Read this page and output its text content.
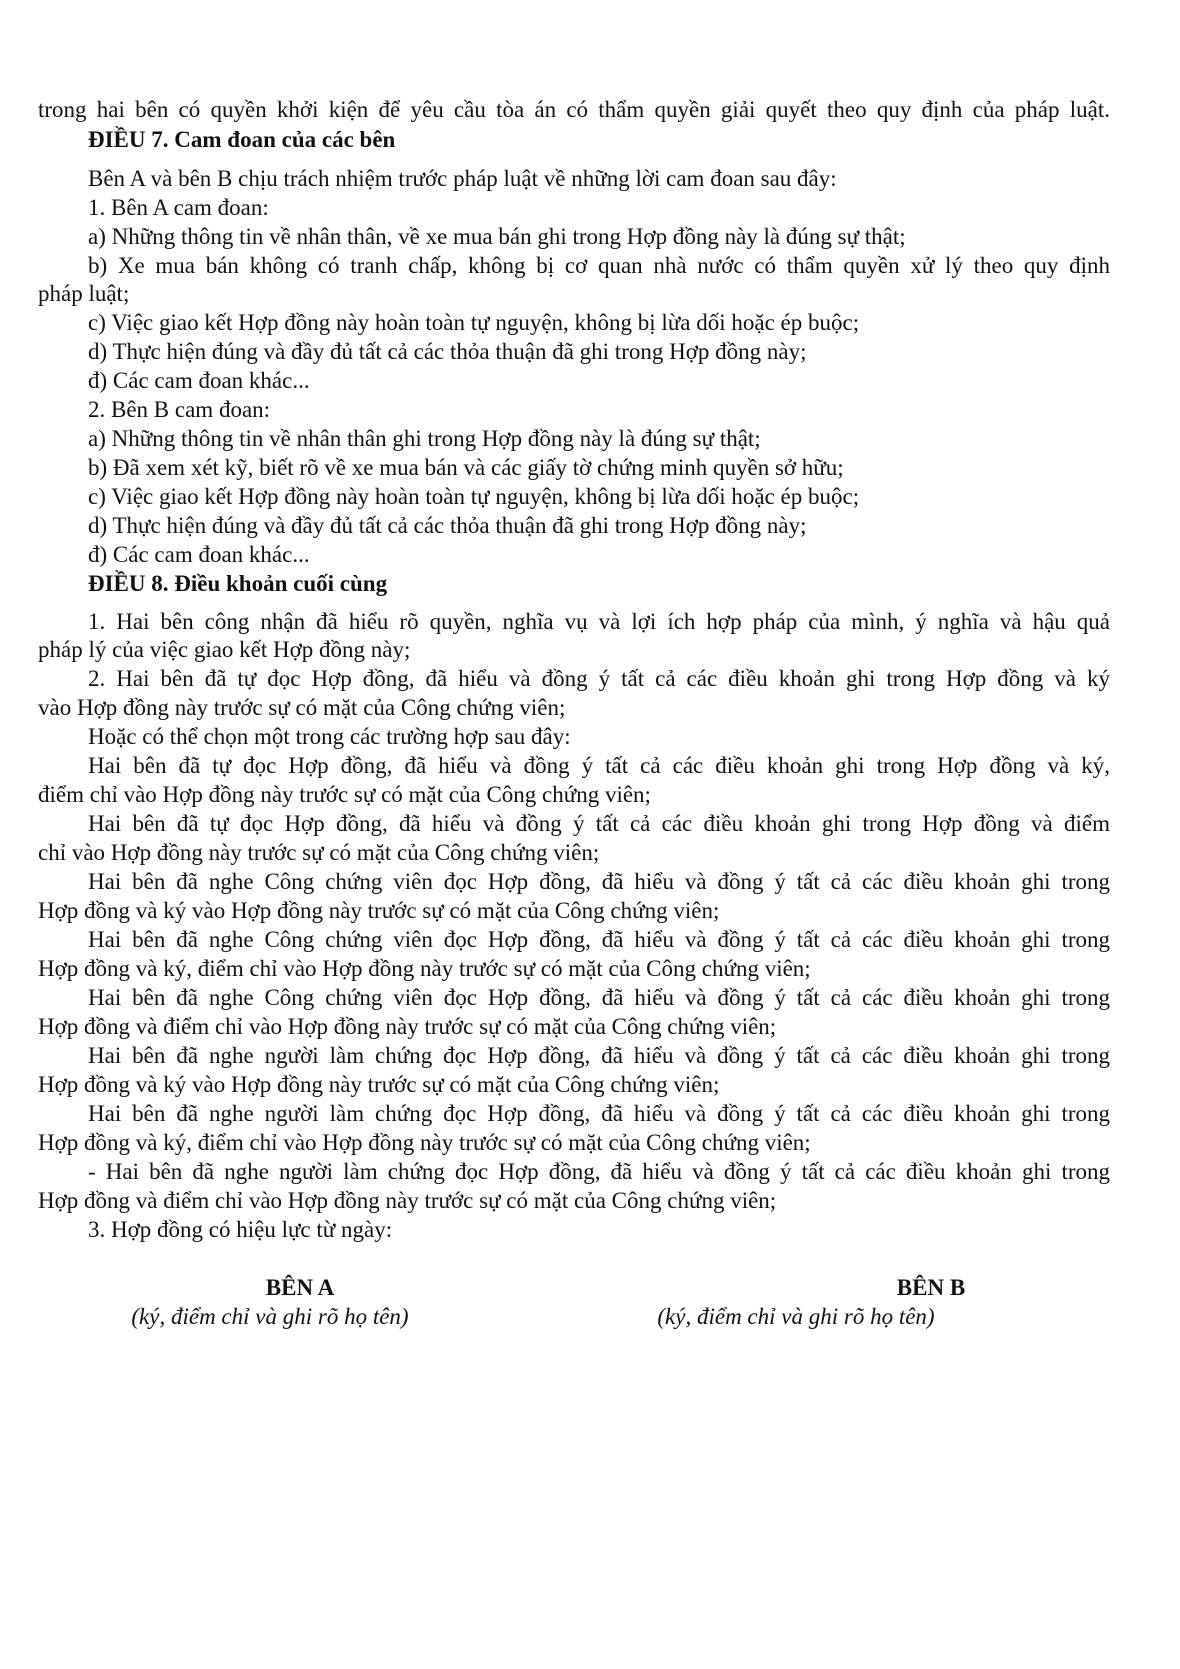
trong hai bên có quyền khởi kiện để yêu cầu tòa án có thẩm quyền giải quyết theo quy định của pháp luật.
ĐIỀU 7. Cam đoan của các bên
Bên A và bên B chịu trách nhiệm trước pháp luật về những lời cam đoan sau đây:
1. Bên A cam đoan:
a) Những thông tin về nhân thân, về xe mua bán ghi trong Hợp đồng này là đúng sự thật;
b) Xe mua bán không có tranh chấp, không bị cơ quan nhà nước có thẩm quyền xử lý theo quy định
pháp luật;
c) Việc giao kết Hợp đồng này hoàn toàn tự nguyện, không bị lừa dối hoặc ép buộc;
d) Thực hiện đúng và đầy đủ tất cả các thỏa thuận đã ghi trong Hợp đồng này;
đ) Các cam đoan khác...
2. Bên B cam đoan:
a) Những thông tin về nhân thân ghi trong Hợp đồng này là đúng sự thật;
b) Đã xem xét kỹ, biết rõ về xe mua bán và các giấy tờ chứng minh quyền sở hữu;
c) Việc giao kết Hợp đồng này hoàn toàn tự nguyện, không bị lừa dối hoặc ép buộc;
d) Thực hiện đúng và đầy đủ tất cả các thỏa thuận đã ghi trong Hợp đồng này;
đ) Các cam đoan khác...
ĐIỀU 8. Điều khoản cuối cùng
1. Hai bên công nhận đã hiểu rõ quyền, nghĩa vụ và lợi ích hợp pháp của mình, ý nghĩa và hậu quả
pháp lý của việc giao kết Hợp đồng này;
2. Hai bên đã tự đọc Hợp đồng, đã hiểu và đồng ý tất cả các điều khoản ghi trong Hợp đồng và ký
vào Hợp đồng này trước sự có mặt của Công chứng viên;
Hoặc có thể chọn một trong các trường hợp sau đây:
Hai bên đã tự đọc Hợp đồng, đã hiểu và đồng ý tất cả các điều khoản ghi trong Hợp đồng và ký,
điểm chỉ vào Hợp đồng này trước sự có mặt của Công chứng viên;
Hai bên đã tự đọc Hợp đồng, đã hiểu và đồng ý tất cả các điều khoản ghi trong Hợp đồng và điểm
chỉ vào Hợp đồng này trước sự có mặt của Công chứng viên;
Hai bên đã nghe Công chứng viên đọc Hợp đồng, đã hiểu và đồng ý tất cả các điều khoản ghi trong
Hợp đồng và ký vào Hợp đồng này trước sự có mặt của Công chứng viên;
Hai bên đã nghe Công chứng viên đọc Hợp đồng, đã hiểu và đồng ý tất cả các điều khoản ghi trong
Hợp đồng và ký, điểm chỉ vào Hợp đồng này trước sự có mặt của Công chứng viên;
Hai bên đã nghe Công chứng viên đọc Hợp đồng, đã hiểu và đồng ý tất cả các điều khoản ghi trong
Hợp đồng và điểm chỉ vào Hợp đồng này trước sự có mặt của Công chứng viên;
Hai bên đã nghe người làm chứng đọc Hợp đồng, đã hiểu và đồng ý tất cả các điều khoản ghi trong
Hợp đồng và ký vào Hợp đồng này trước sự có mặt của Công chứng viên;
Hai bên đã nghe người làm chứng đọc Hợp đồng, đã hiểu và đồng ý tất cả các điều khoản ghi trong
Hợp đồng và ký, điểm chỉ vào Hợp đồng này trước sự có mặt của Công chứng viên;
- Hai bên đã nghe người làm chứng đọc Hợp đồng, đã hiểu và đồng ý tất cả các điều khoản ghi trong
Hợp đồng và điểm chỉ vào Hợp đồng này trước sự có mặt của Công chứng viên;
3. Hợp đồng có hiệu lực từ ngày:
BÊN A
(ký, điểm chỉ và ghi rõ họ tên)
BÊN B
(ký, điểm chỉ và ghi rõ họ tên)
